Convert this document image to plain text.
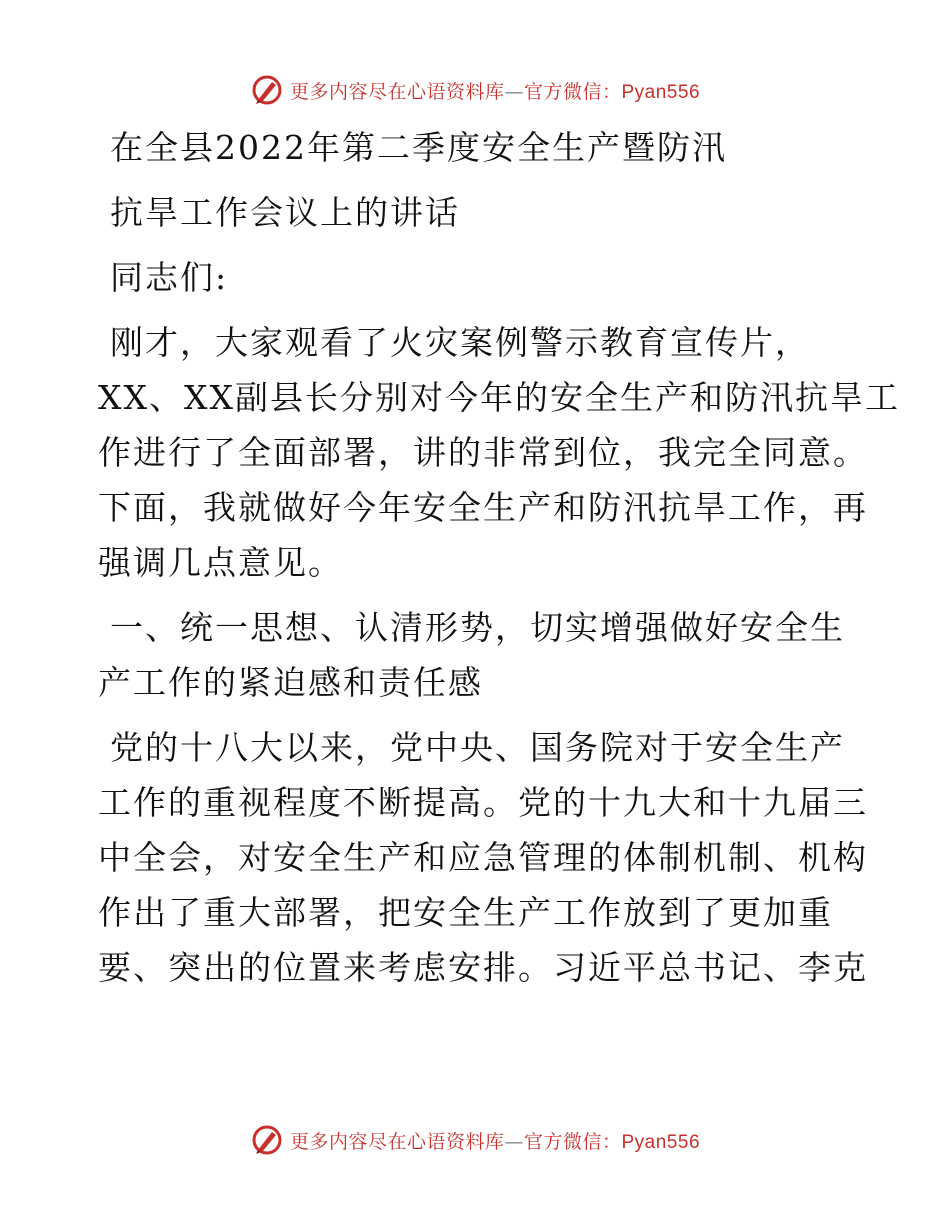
更多内容尽在心语资料库—官方微信：Pyan556
在全县2022年第二季度安全生产暨防汛
抗旱工作会议上的讲话
同志们:
刚才，大家观看了火灾案例警示教育宣传片，
XX、XX副县长分别对今年的安全生产和防汛抗旱工
作进行了全面部署，讲的非常到位，我完全同意。
下面，我就做好今年安全生产和防汛抗旱工作，再
强调几点意见。
一、统一思想、认清形势，切实增强做好安全生
产工作的紧迫感和责任感
党的十八大以来，党中央、国务院对于安全生产
工作的重视程度不断提高。党的十九大和十九届三
中全会，对安全生产和应急管理的体制机制、机构
作出了重大部署，把安全生产工作放到了更加重
要、突出的位置来考虑安排。习近平总书记、李克
更多内容尽在心语资料库—官方微信：Pyan556
